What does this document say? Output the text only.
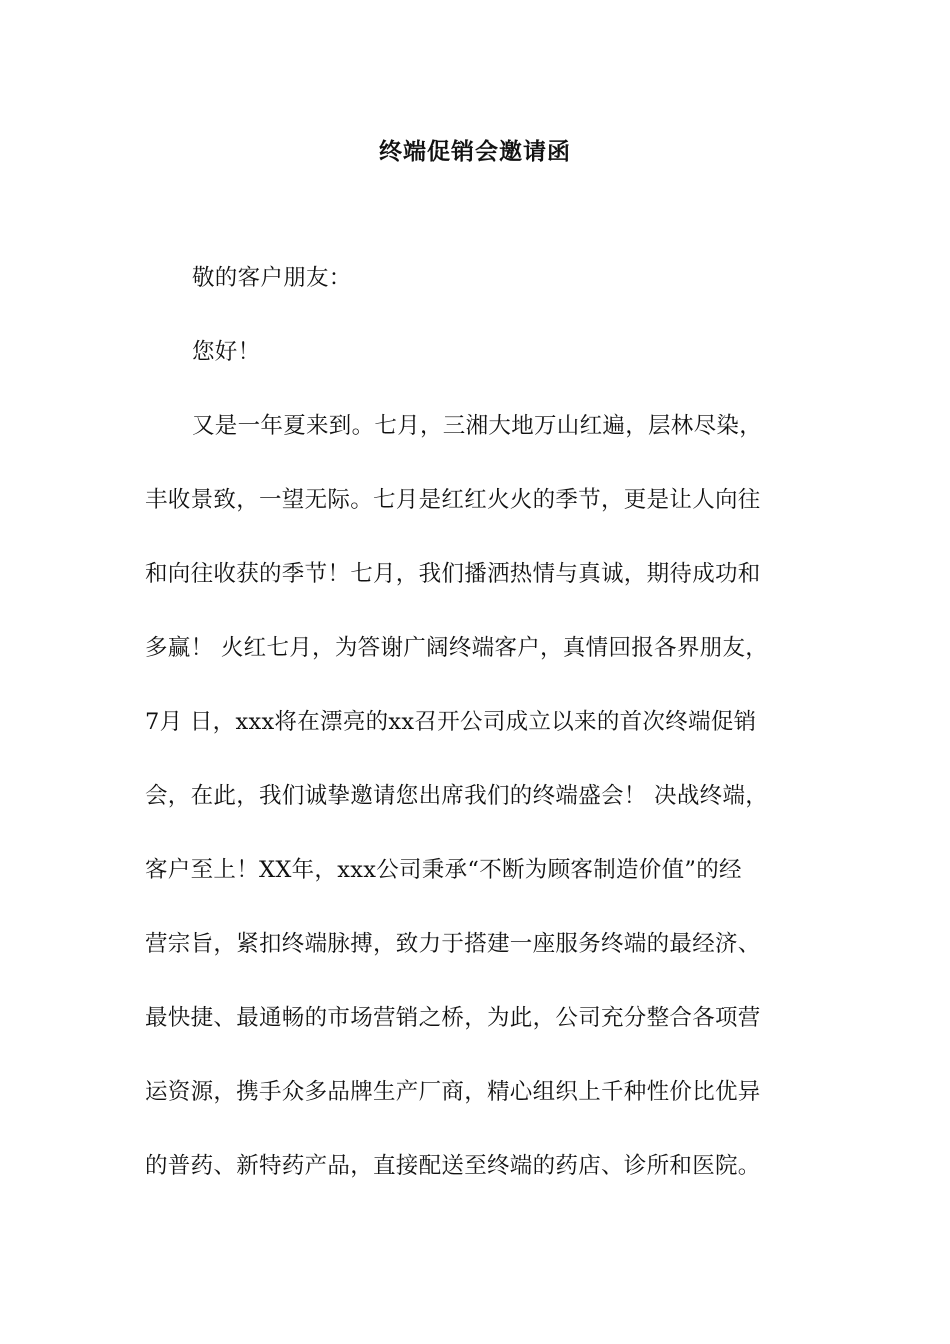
终端促销会邀请函
敬的客户朋友：
您好！
又是一年夏来到。七月，三湘大地万山红遍，层林尽染，
丰收景致，一望无际。七月是红红火火的季节，更是让人向往
和向往收获的季节！七月，我们播洒热情与真诚，期待成功和
多赢！ 火红七月，为答谢广阔终端客户，真情回报各界朋友，
7月 日，xxx将在漂亮的xx召开公司成立以来的首次终端促销
会，在此，我们诚挚邀请您出席我们的终端盛会！ 决战终端，
客户至上！XX年，xxx公司秉承“不断为顾客制造价值”的经
营宗旨，紧扣终端脉搏，致力于搭建一座服务终端的最经济、
最快捷、最通畅的市场营销之桥，为此，公司充分整合各项营
运资源，携手众多品牌生产厂商，精心组织上千种性价比优异
的普药、新特药产品，直接配送至终端的药店、诊所和医院。
